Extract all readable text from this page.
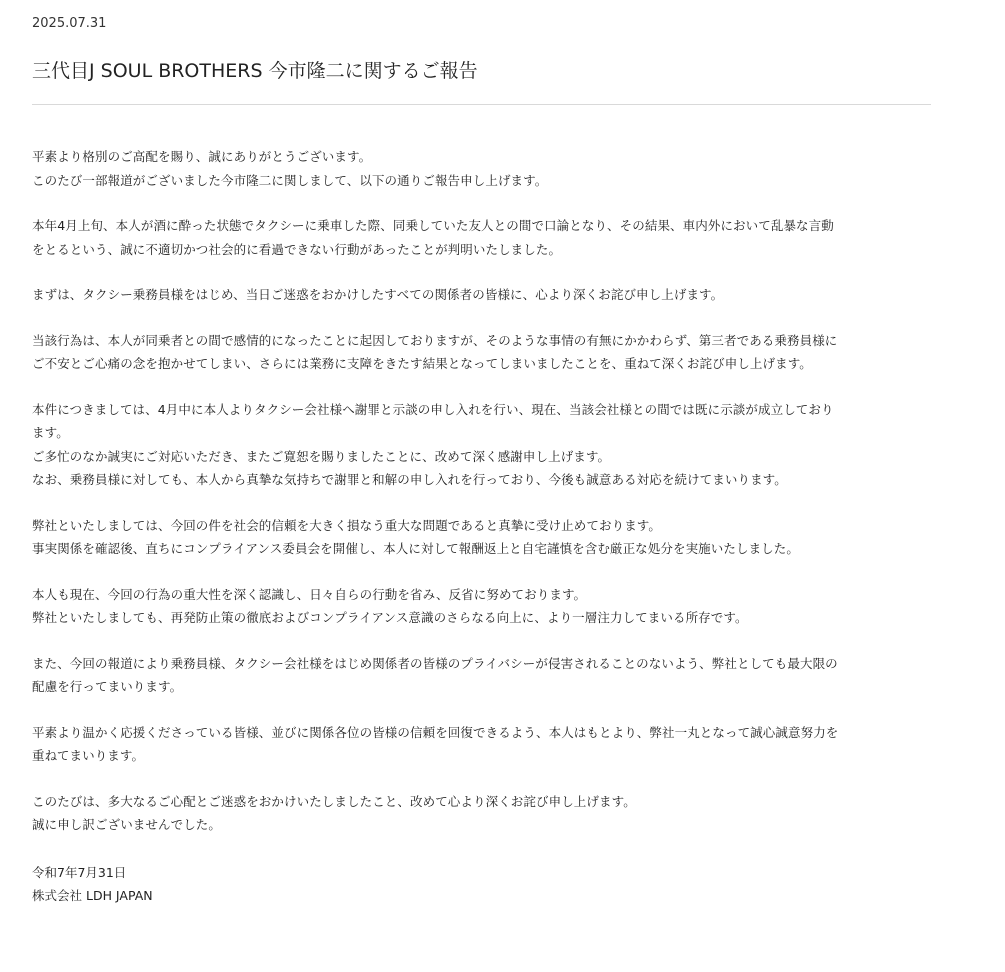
2025.07.31
三代目J SOUL BROTHERS 今市隆二に関するご報告

平素より格別のご高配を賜り、誠にありがとうございます。
このたび一部報道がございました今市隆二に関しまして、以下の通りご報告申し上げます。

本年4月上旬、本人が酒に酔った状態でタクシーに乗車した際、同乗していた友人との間で口論となり、その結果、車内外において乱暴な言動
をとるという、誠に不適切かつ社会的に看過できない行動があったことが判明いたしました。

まずは、タクシー乗務員様をはじめ、当日ご迷惑をおかけしたすべての関係者の皆様に、心より深くお詫び申し上げます。

当該行為は、本人が同乗者との間で感情的になったことに起因しておりますが、そのような事情の有無にかかわらず、第三者である乗務員様に
ご不安とご心痛の念を抱かせてしまい、さらには業務に支障をきたす結果となってしまいましたことを、重ねて深くお詫び申し上げます。

本件につきましては、4月中に本人よりタクシー会社様へ謝罪と示談の申し入れを行い、現在、当該会社様との間では既に示談が成立しており
ます。
ご多忙のなか誠実にご対応いただき、またご寛恕を賜りましたことに、改めて深く感謝申し上げます。
なお、乗務員様に対しても、本人から真摯な気持ちで謝罪と和解の申し入れを行っており、今後も誠意ある対応を続けてまいります。

弊社といたしましては、今回の件を社会的信頼を大きく損なう重大な問題であると真摯に受け止めております。
事実関係を確認後、直ちにコンプライアンス委員会を開催し、本人に対して報酬返上と自宅謹慎を含む厳正な処分を実施いたしました。

本人も現在、今回の行為の重大性を深く認識し、日々自らの行動を省み、反省に努めております。
弊社といたしましても、再発防止策の徹底およびコンプライアンス意識のさらなる向上に、より一層注力してまいる所存です。

また、今回の報道により乗務員様、タクシー会社様をはじめ関係者の皆様のプライバシーが侵害されることのないよう、弊社としても最大限の
配慮を行ってまいります。

平素より温かく応援くださっている皆様、並びに関係各位の皆様の信頼を回復できるよう、本人はもとより、弊社一丸となって誠心誠意努力を
重ねてまいります。

このたびは、多大なるご心配とご迷惑をおかけいたしましたこと、改めて心より深くお詫び申し上げます。
誠に申し訳ございませんでした。

令和7年7月31日
株式会社 LDH JAPAN
